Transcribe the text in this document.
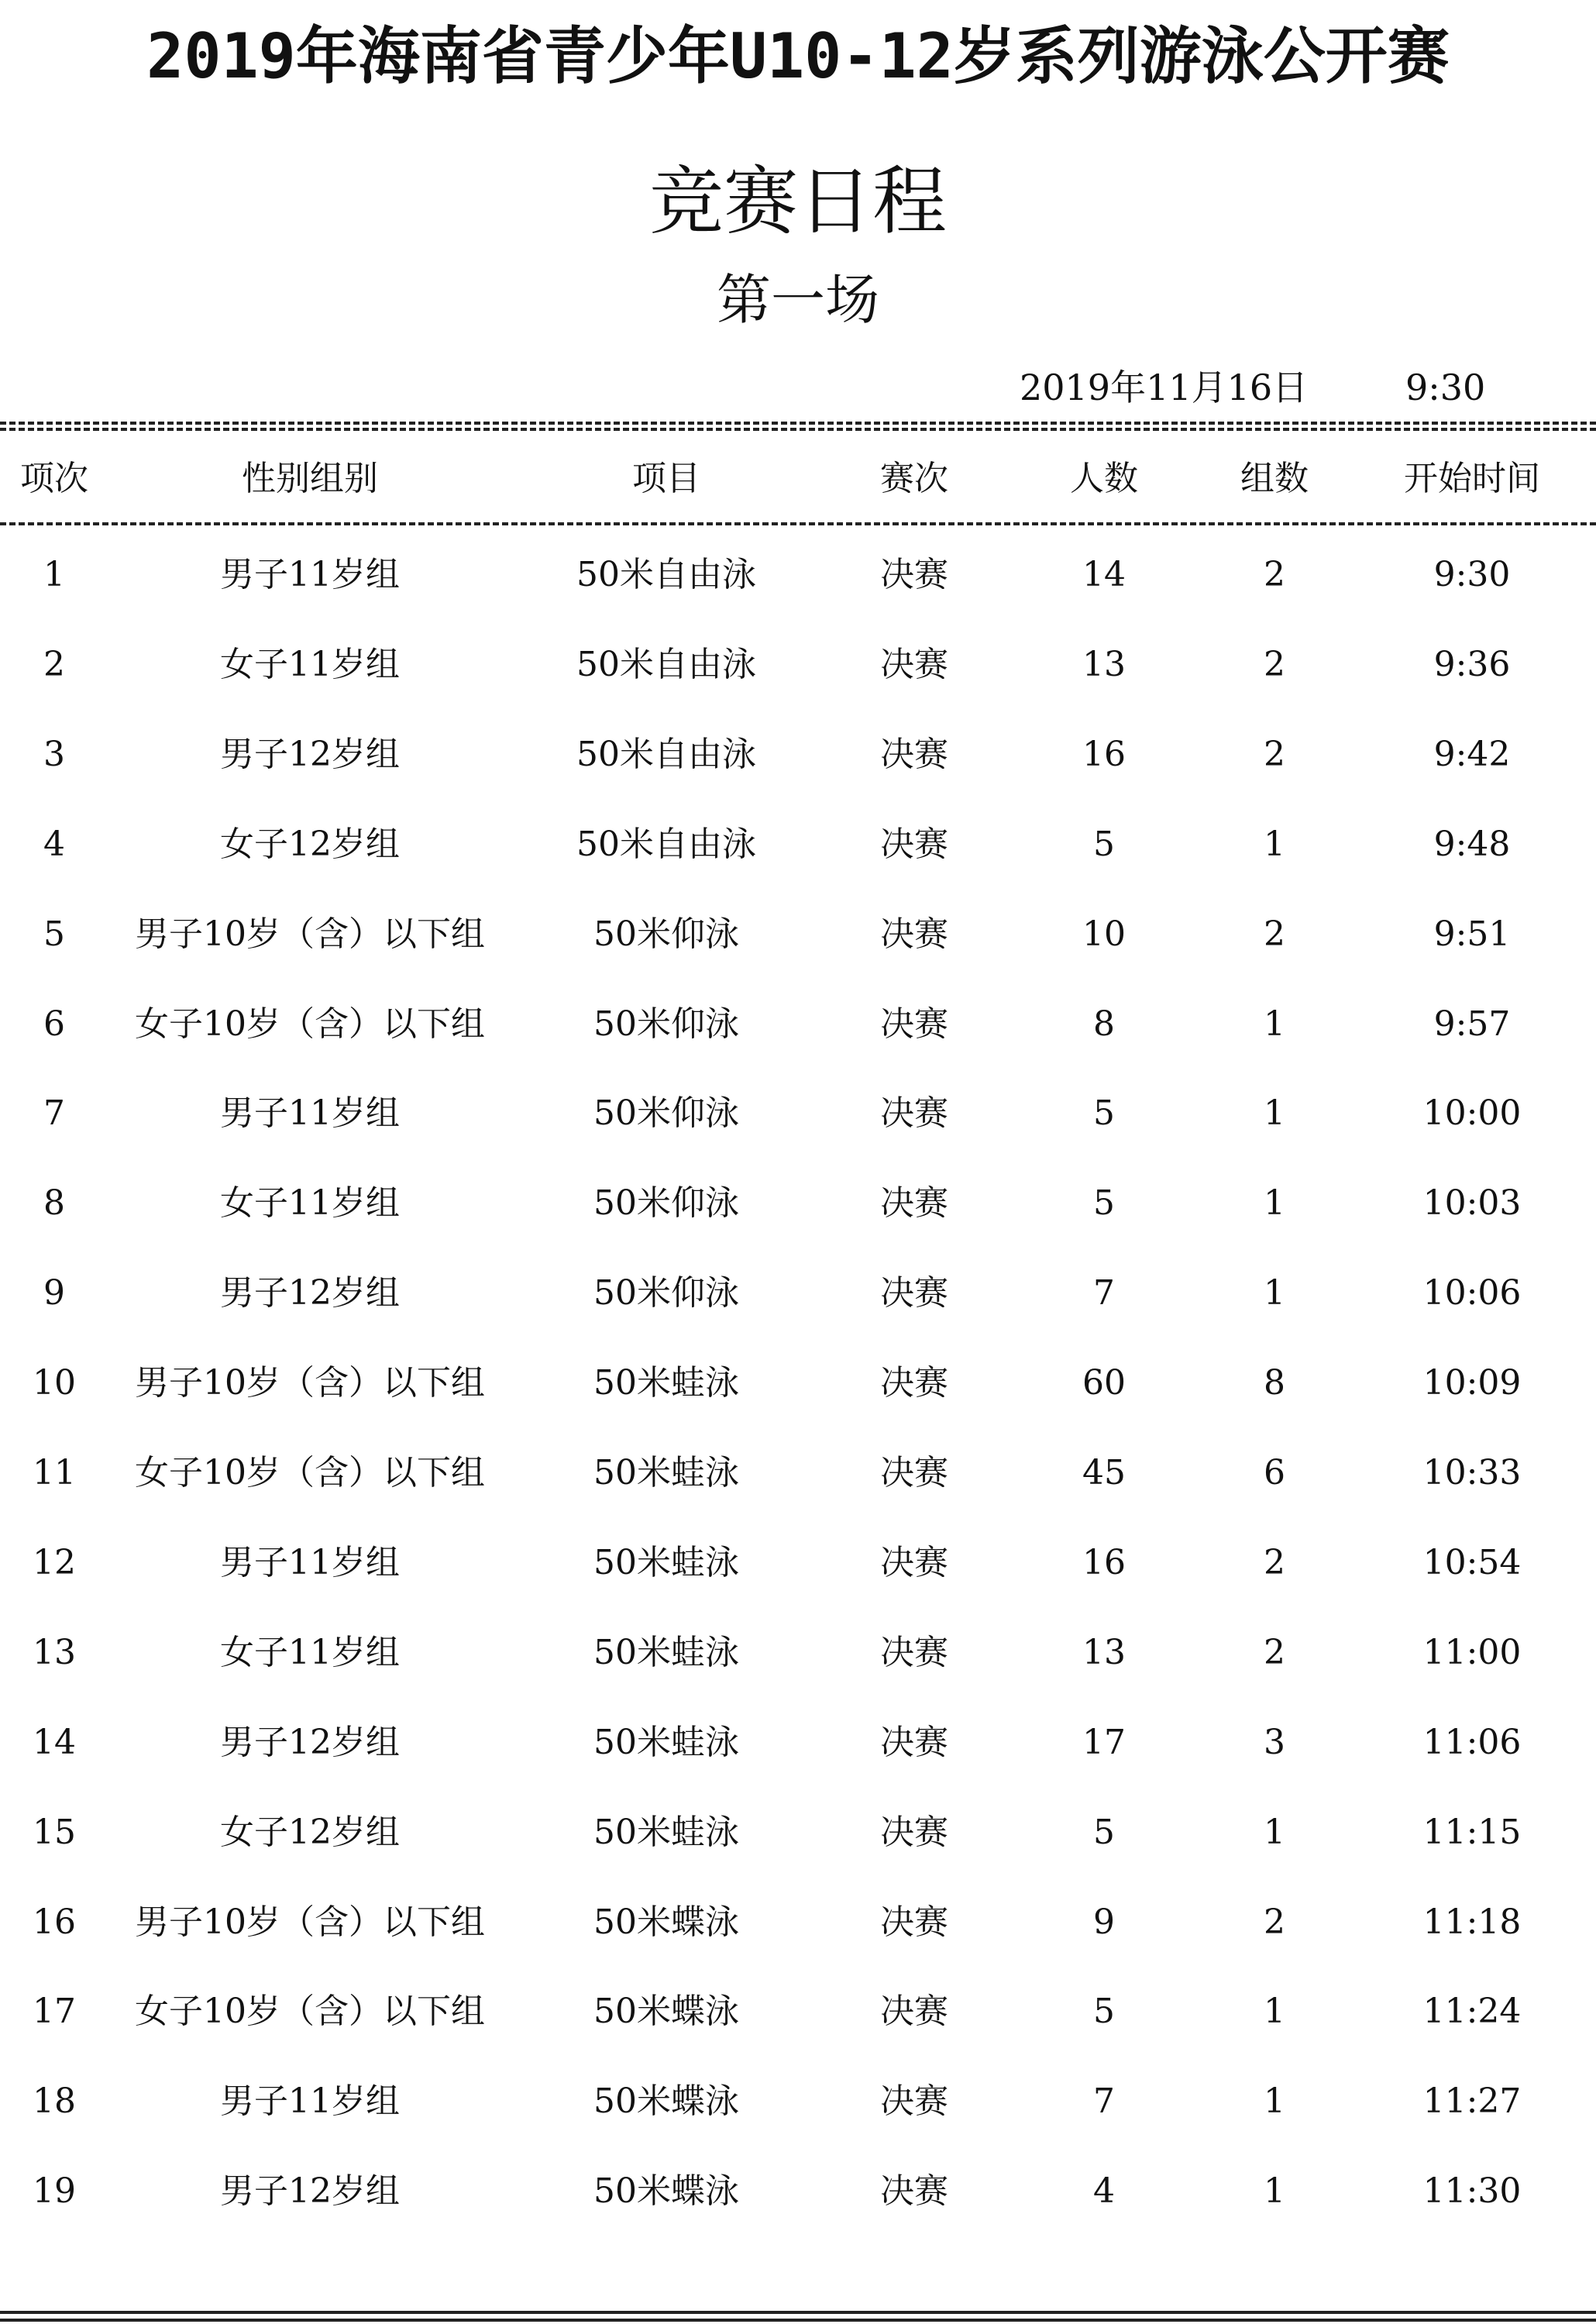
2019年海南省青少年U10-12岁系列游泳公开赛
竞赛日程
第一场
2019年11月16日	9:30
项次	性别组别	项目	赛次	人数	组数	开始时间
1	男子11岁组	50米自由泳	决赛	14	2	9:30
2	女子11岁组	50米自由泳	决赛	13	2	9:36
3	男子12岁组	50米自由泳	决赛	16	2	9:42
4	女子12岁组	50米自由泳	决赛	5	1	9:48
5	男子10岁（含）以下组	50米仰泳	决赛	10	2	9:51
6	女子10岁（含）以下组	50米仰泳	决赛	8	1	9:57
7	男子11岁组	50米仰泳	决赛	5	1	10:00
8	女子11岁组	50米仰泳	决赛	5	1	10:03
9	男子12岁组	50米仰泳	决赛	7	1	10:06
10	男子10岁（含）以下组	50米蛙泳	决赛	60	8	10:09
11	女子10岁（含）以下组	50米蛙泳	决赛	45	6	10:33
12	男子11岁组	50米蛙泳	决赛	16	2	10:54
13	女子11岁组	50米蛙泳	决赛	13	2	11:00
14	男子12岁组	50米蛙泳	决赛	17	3	11:06
15	女子12岁组	50米蛙泳	决赛	5	1	11:15
16	男子10岁（含）以下组	50米蝶泳	决赛	9	2	11:18
17	女子10岁（含）以下组	50米蝶泳	决赛	5	1	11:24
18	男子11岁组	50米蝶泳	决赛	7	1	11:27
19	男子12岁组	50米蝶泳	决赛	4	1	11:30
